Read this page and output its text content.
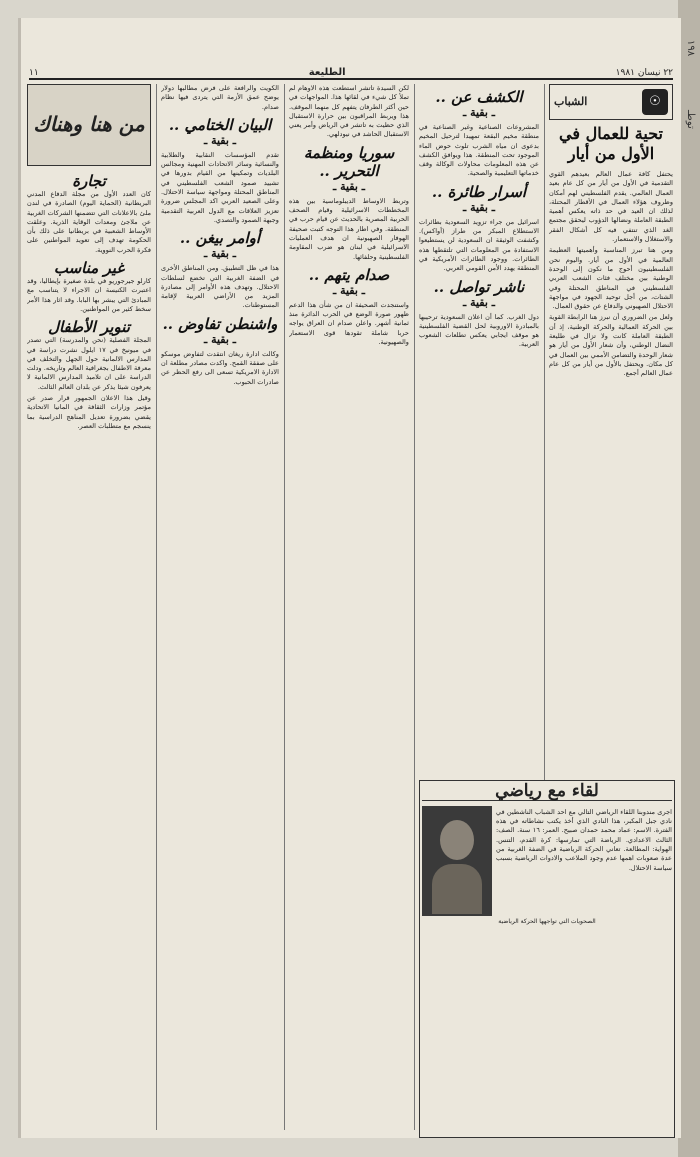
١٩٨
توطـ
٢٢ نيسان ١٩٨١
الطليعة
١١
☉
الشباب
تحية للعمال في الأول من أيار

يحتفل كافة عمال العالم بعيدهم القوي التقدمية في الأول من أيار من كل عام بعيد العمال العالمي. يقدم الفلسطيني لهم أمكان وظروف هؤلاء العمال في الأقطار المحتلة، لذلك ان العيد في حد ذاته يعكس أهمية الطبقة العاملة ونضالها الدؤوب ليحقق مجتمع الغد الذي تنتفي فيه كل أشكال الفقر والاستغلال والاستعمار.

ومن هنا تبرز المناسبة وأهميتها العظيمة العالمية في الأول من أيار. واليوم نحن الفلسطينيون أحوج ما نكون إلى الوحدة الوطنية بين مختلف فئات الشعب العربي الفلسطيني في المناطق المحتلة وفي الشتات، من أجل توحيد الجهود في مواجهة الاحتلال الصهيوني والدفاع عن حقوق العمال.

ولعل من الضروري أن نبرز هنا الرابطة القوية بين الحركة العمالية والحركة الوطنية، إذ أن الطبقة العاملة كانت ولا تزال في طليعة النضال الوطني، وأن شعار الأول من أيار هو شعار الوحدة والتضامن الأممي بين العمال في كل مكان. ويحتفل بالأول من أيار من كل عام عمال العالم أجمع.

الكشف عن ..
ـ بقية ـ

المشروعات الصناعية وغير الصناعية في منطقة مخيم البقعة تمهيدا لترحيل المخيم بدعوى ان مياه الشرب تلوث حوض الماء الموجود تحت المنطقة. هذا ويوافق الكشف عن هذه المعلومات محاولات الوكالة وقف خدماتها التعليمية والصحية.

أسرار طائرة ..
ـ بقية ـ

اسرائيل من جراء تزويد السعودية بطائرات الاستطلاع المبكر من طراز (أواكس). وكشفت الوثيقة ان السعودية لن يستطيعوا الاستفادة من المعلومات التي تلتقطها هذه الطائرات. ووجود الطائرات الأمريكية في المنطقة يهدد الأمن القومي العربي.

ناشر تواصل ..
ـ بقية ـ

دول الغرب. كما أن اعلان السعودية ترحيبها بالمبادرة الاوروبية لحل القضية الفلسطينية هو موقف ايجابي يعكس تطلعات الشعوب العربية.

لكن السيدة تاتشر استطعت هذه الاوهام لم تملأ كل شيء في لقائها هذا. المواجهات في حين أكثر الطرفان يتفهم كل منهما الموقف. هذا ويربط المراقبون بين حرارة الاستقبال الذي حظيت به تاتشر في الرياض وأمر يعني الاستقبال الحاشد في نيودلهي.

سوريا ومنظمة التحرير ..
ـ بقية ـ

وتربط الاوساط الديبلوماسية بين هذه المخططات الاسرائيلية وقيام الصحف الحربية المصرية بالحديث عن قيام حرب في المنطقة. وفي اطار هذا التوجه كتبت صحيفة الهوفار الصهيونية ان هدف العمليات الاسرائيلية في لبنان هو ضرب المقاومة الفلسطينية وحلفائها.

صدام يتهم ..
ـ بقية ـ

واستنجدت الصحيفة ان من شأن هذا الدعم ظهور صورة الوضع في الحرب الدائرة منذ ثمانية أشهر. واعلن صدام ان العراق يواجه حربا شاملة تقودها قوى الاستعمار والصهيونية.

الكويت والرافعة على فرض مطالبها دولار يوضح عمق الأزمة التي يتردى فيها نظام صدام.

البيان الختامي ..
ـ بقية ـ

تقدم المؤسسات النقابية والطلابية والنسائية وسائر الاتحادات المهنية ومجالس البلديات وتمكينها من القيام بدورها في تشييد صمود الشعب الفلسطيني في المناطق المحتلة ومواجهة سياسة الاحتلال. وعلى الصعيد العربي اكد المجلس ضرورة تعزيز العلاقات مع الدول العربية التقدمية وجبهة الصمود والتصدي.

أوامر بيغن ..
ـ بقية ـ

هذا في ظل التطبيق. ومن المناطق الأخرى في الضفة الغربية التي تخضع لسلطات الاحتلال. وتهدف هذه الأوامر إلى مصادرة المزيد من الأراضي العربية لإقامة المستوطنات.

واشنطن تفاوض ..
ـ بقية ـ

وكالت ادارة ريغان انتقدت لتفاوض موسكو على صفقة القمح. واكدت مصادر مطلعة ان الادارة الامريكية تسعى الى رفع الحظر عن صادرات الحبوب.

من هنا وهناك
تجارة

كان العدد الأول من مجلة الدفاع المدني البريطانية (الحماية اليوم) الصادرة في لندن ملئ بالاعلانات التي تتضمنها الشركات الغربية عن ملاجئ ومعدات الوقاية الذرية. وعلقت الأوساط الشعبية في بريطانيا على ذلك بأن الحكومة تهدف إلى تعويد المواطنين على فكرة الحرب النووية.

غير مناسب

كارلو جيرجوريو في بلدة صغيرة بإيطاليا، وقد اعتبرت الكنيسة ان الاجراء لا يتناسب مع المبادئ التي يبشر بها البابا. وقد اثار هذا الأمر سخط كثير من المواطنين.

تنوير الأطفال

المجلة الفصلية (نحن والمدرسة) التي تصدر في ميونيخ في ١٧ ايلول نشرت دراسة في المدارس الالمانية حول الجهل والتخلف في معرفة الاطفال بجغرافية العالم وتاريخه. ودلت الدراسة على ان تلاميذ المدارس الالمانية لا يعرفون شيئا يذكر عن بلدان العالم الثالث.

وقيل هذا الاعلان الجمهور قرار صدر عن مؤتمر وزارات الثقافة في المانيا الاتحادية يقضي بضرورة تعديل المناهج الدراسية بما ينسجم مع متطلبات العصر.

لقاء مع رياضي

اجرى مندوبنا اللقاء الرياضي التالي مع احد الشباب الناشطين في نادي جبل المكبر، هذا النادي الذي أخذ يكتب نشاطاته في هذه الفترة. الاسم: عماد محمد حمدان صبيح. العمر: ١٦ سنة. الصف: الثالث الاعدادي. الرياضة التي تمارسها: كرة القدم، التنس. الهواية: المطالعة. تعاني الحركة الرياضية في الضفة الغربية من عدة صعوبات اهمها عدم وجود الملاعب والادوات الرياضية بسبب سياسة الاحتلال.

الصحويات التي تواجهها الحركة الرياضية
